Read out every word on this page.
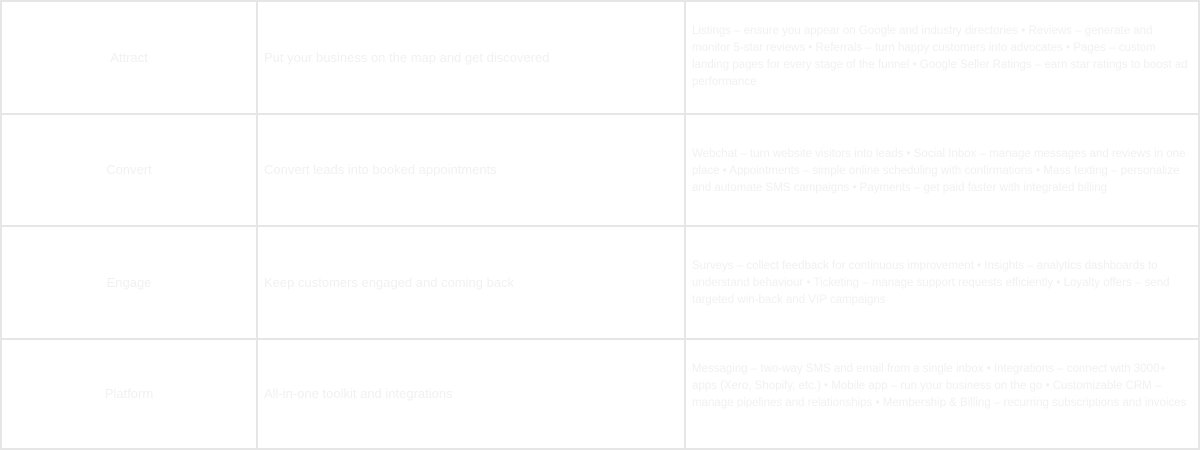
Attract	Put your business on the map and get discovered	Listings – ensure you appear on Google and industry directories • Reviews – generate and monitor 5-star reviews • Referrals – turn happy customers into advocates • Pages – custom landing pages for every stage of the funnel • Google Seller Ratings – earn star ratings to boost ad performance
Convert	Convert leads into booked appointments	Webchat – turn website visitors into leads • Social Inbox – manage messages and reviews in one place • Appointments – simple online scheduling with confirmations • Mass texting – personalize and automate SMS campaigns • Payments – get paid faster with integrated billing
Engage	Keep customers engaged and coming back	Surveys – collect feedback for continuous improvement • Insights – analytics dashboards to understand behaviour • Ticketing – manage support requests efficiently • Loyalty offers – send targeted win-back and VIP campaigns
Platform	All-in-one toolkit and integrations	Messaging – two-way SMS and email from a single inbox • Integrations – connect with 3000+ apps (Xero, Shopify, etc.) • Mobile app – run your business on the go • Customizable CRM – manage pipelines and relationships • Membership & Billing – recurring subscriptions and invoices
